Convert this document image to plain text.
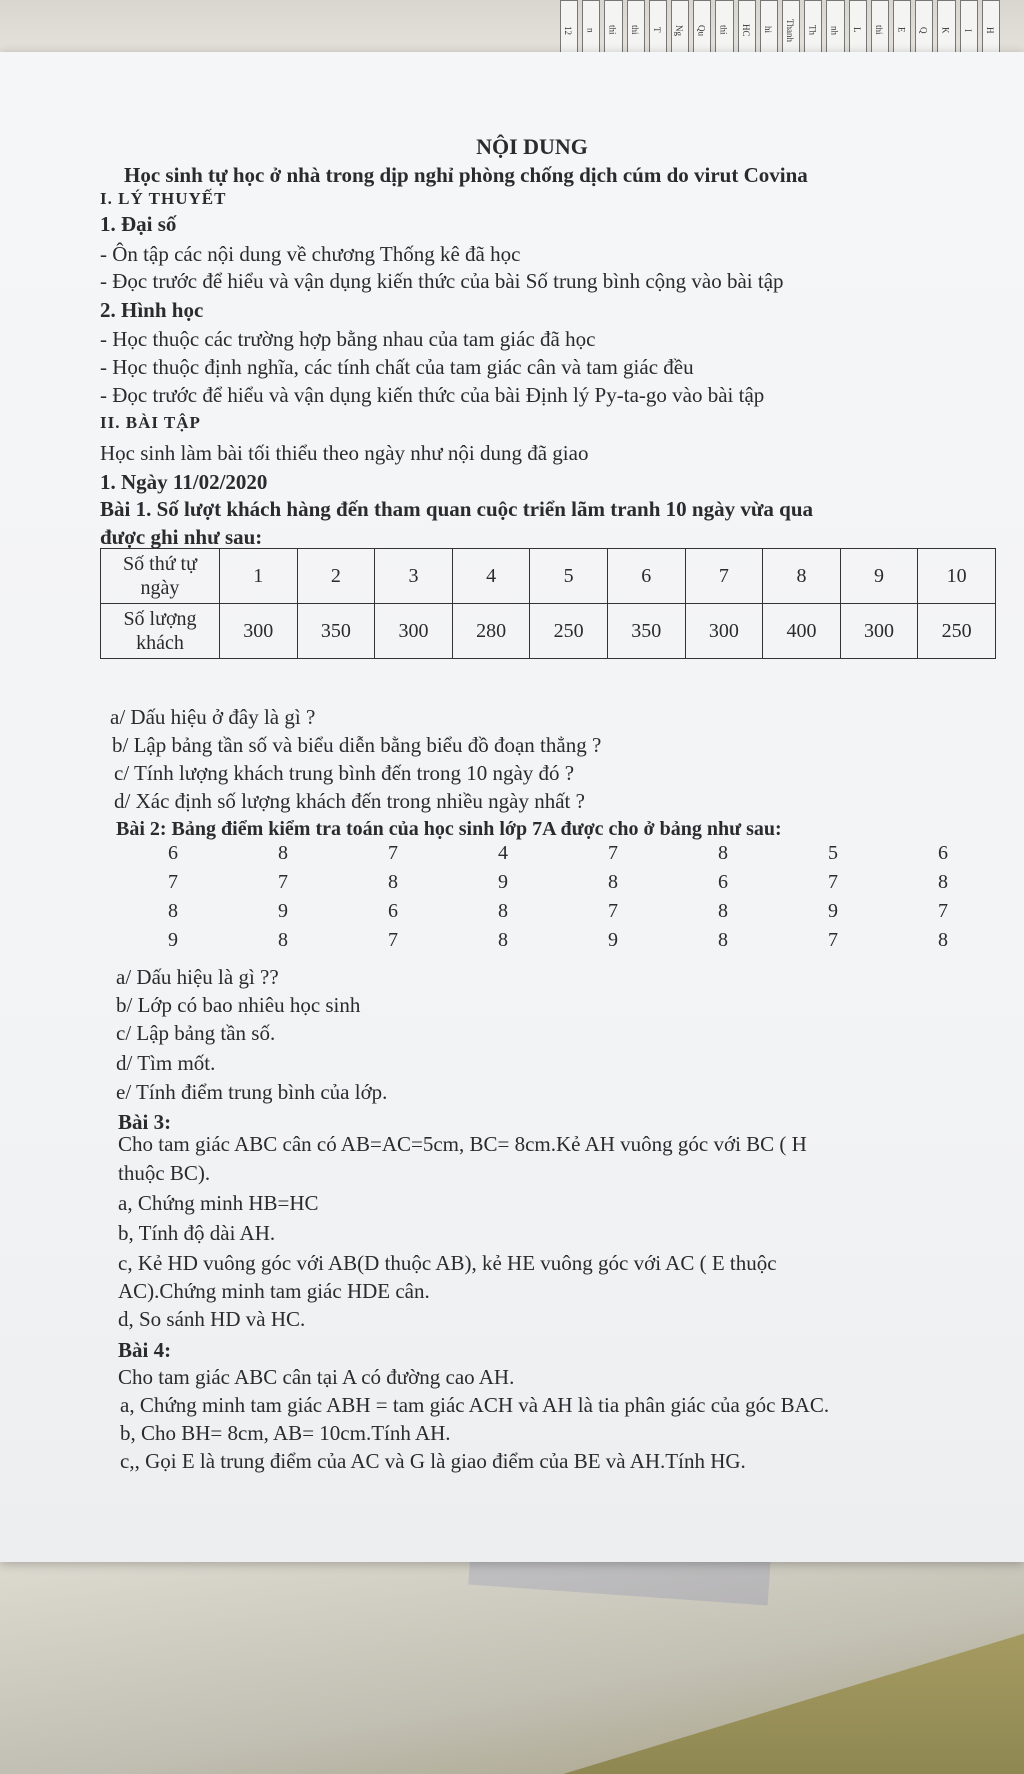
12	n	thi	thi	T	Ng	Qu	thi	HC	hi	Thanh	Th	nh	L	thi	E	Q	K	I	H
NỘI DUNG
Học sinh tự học ở nhà trong dịp nghỉ phòng chống dịch cúm do virut Covina
I. LÝ THUYẾT
1. Đại số
- Ôn tập các nội dung về chương Thống kê đã học
- Đọc trước để hiểu và vận dụng kiến thức của bài Số trung bình cộng vào bài tập
2. Hình học
- Học thuộc các trường hợp bằng nhau của tam giác đã học
- Học thuộc định nghĩa, các tính chất của tam giác cân và tam giác đều
- Đọc trước để hiểu và vận dụng kiến thức của bài Định lý Py-ta-go vào bài tập
II. BÀI TẬP
Học sinh làm bài tối thiểu theo ngày như nội dung đã giao
1. Ngày 11/02/2020
Bài 1. Số lượt khách hàng đến tham quan cuộc triển lãm tranh 10 ngày vừa qua
được ghi như sau:
Số thứ tự
ngày	1	2	3	4	5	6	7	8	9	10
Số lượng
khách	300	350	300	280	250	350	300	400	300	250
a/ Dấu hiệu ở đây là gì ?
b/ Lập bảng tần số và biểu diễn bằng biểu đồ đoạn thẳng ?
c/ Tính lượng khách trung bình đến trong 10 ngày đó ?
d/ Xác định số lượng khách đến trong nhiều ngày nhất ?
Bài 2: Bảng điểm kiểm tra toán của học sinh lớp 7A được cho ở bảng như sau:
6	8	7	4	7	8	5	6
7	7	8	9	8	6	7	8
8	9	6	8	7	8	9	7
9	8	7	8	9	8	7	8
a/ Dấu hiệu là gì ??
b/ Lớp có bao nhiêu học sinh
c/ Lập bảng tần số.
d/ Tìm mốt.
e/ Tính điểm trung bình của lớp.
Bài 3:
Cho tam giác ABC cân có AB=AC=5cm, BC= 8cm.Kẻ AH vuông góc với BC ( H
thuộc BC).
a, Chứng minh HB=HC
b, Tính độ dài AH.
c, Kẻ HD vuông góc với AB(D thuộc AB), kẻ HE vuông góc với AC ( E thuộc
AC).Chứng minh tam giác HDE cân.
d, So sánh HD và HC.
Bài 4:
Cho tam giác ABC cân tại A có đường cao AH.
a, Chứng minh tam giác ABH = tam giác ACH và AH là tia phân giác của góc BAC.
b, Cho BH= 8cm, AB= 10cm.Tính AH.
c,, Gọi E là trung điểm của AC và G là giao điểm của BE và AH.Tính HG.
